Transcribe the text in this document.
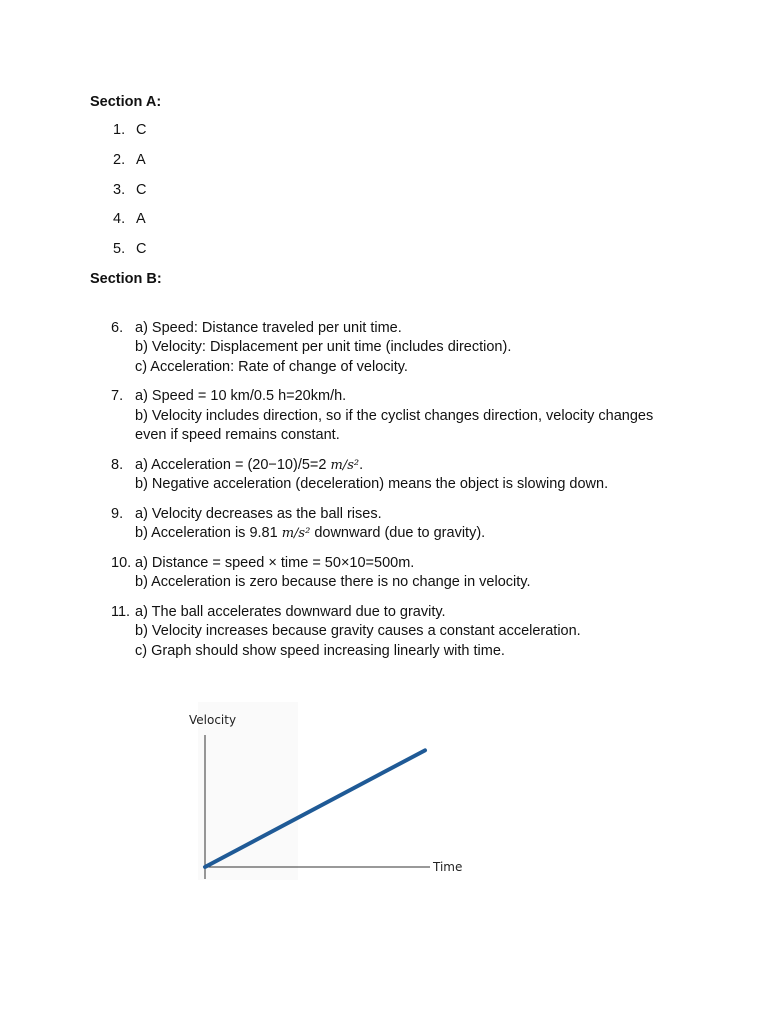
Section A:
1. C
2. A
3. C
4. A
5. C
Section B:
6. a) Speed: Distance traveled per unit time.
b) Velocity: Displacement per unit time (includes direction).
c) Acceleration: Rate of change of velocity.
7. a) Speed = 10 km/0.5 h=20km/h.
b) Velocity includes direction, so if the cyclist changes direction, velocity changes even if speed remains constant.
8. a) Acceleration = (20−10)/5=2 m/s².
b) Negative acceleration (deceleration) means the object is slowing down.
9. a) Velocity decreases as the ball rises.
b) Acceleration is 9.81 m/s² downward (due to gravity).
10. a) Distance = speed × time = 50×10=500m.
b) Acceleration is zero because there is no change in velocity.
11. a) The ball accelerates downward due to gravity.
b) Velocity increases because gravity causes a constant acceleration.
c) Graph should show speed increasing linearly with time.
Velocity
Time
